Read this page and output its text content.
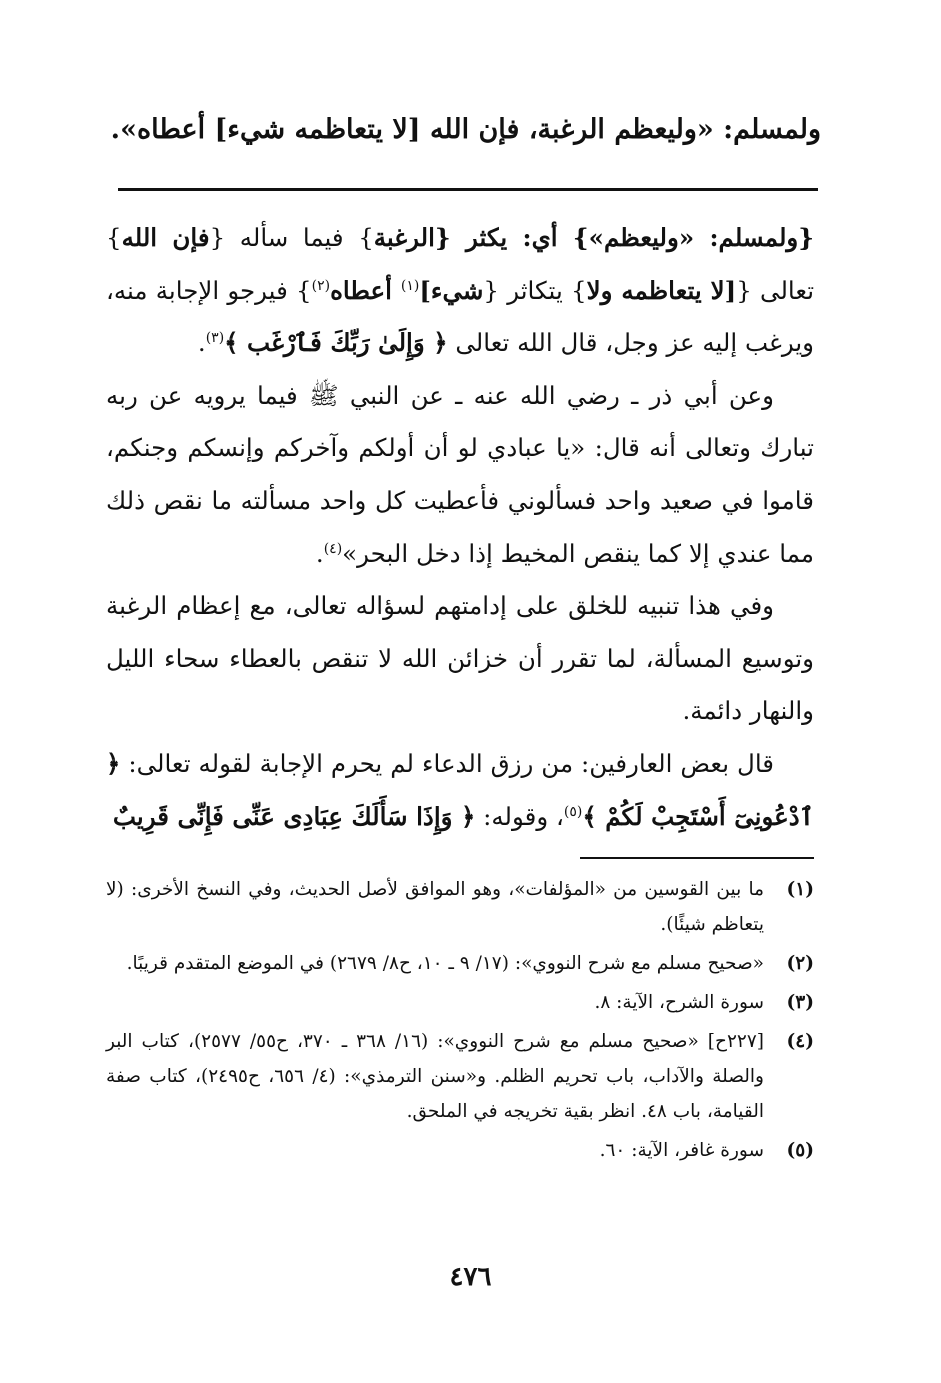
ولمسلم: «وليعظم الرغبة، فإن الله [لا يتعاظمه شيء] أعطاه».

{ولمسلم: «وليعظم»} أي: يكثر {الرغبة} فيما سأله {فإن الله} تعالى {[لا يتعاظمه ولا} يتكاثر {شيء]$^{(١)}$ أعطاه$^{(٢)}$} فيرجو الإجابة منه، ويرغب إليه عز وجل، قال الله تعالى ﴿ وَإِلَىٰ رَبِّكَ فَٱرْغَب ﴾$^{(٣)}$.

وعن أبي ذر ـ رضي الله عنه ـ عن النبي ﷺ فيما يرويه عن ربه تبارك وتعالى أنه قال: «يا عبادي لو أن أولكم وآخركم وإنسكم وجنكم، قاموا في صعيد واحد فسألوني فأعطيت كل واحد مسألته ما نقص ذلك مما عندي إلا كما ينقص المخيط إذا دخل البحر»$^{(٤)}$.

وفي هذا تنبيه للخلق على إدامتهم لسؤاله تعالى، مع إعظام الرغبة وتوسيع المسألة، لما تقرر أن خزائن الله لا تنقص بالعطاء سحاء الليل والنهار دائمة.

قال بعض العارفين: من رزق الدعاء لم يحرم الإجابة لقوله تعالى: ﴿ ٱدْعُونِىٓ أَسْتَجِبْ لَكُمْ ﴾$^{(٥)}$، وقوله: ﴿ وَإِذَا سَأَلَكَ عِبَادِى عَنِّى فَإِنِّى قَرِيبٌ

(١)
ما بين القوسين من «المؤلفات»، وهو الموافق لأصل الحديث، وفي النسخ الأخرى: (لا يتعاظم شيئًا).
(٢)
«صحيح مسلم مع شرح النووي»: (١٧/ ٩ ـ ١٠، ح٨/ ٢٦٧٩) في الموضع المتقدم قريبًا.
(٣)
سورة الشرح، الآية: ٨.
(٤)
[٢٢٧ح] «صحيح مسلم مع شرح النووي»: (١٦/ ٣٦٨ ـ ٣٧٠، ح٥٥/ ٢٥٧٧)، كتاب البر والصلة والآداب، باب تحريم الظلم. و«سنن الترمذي»: (٤/ ٦٥٦، ح٢٤٩٥)، كتاب صفة القيامة، باب ٤٨. انظر بقية تخريجه في الملحق.
(٥)
سورة غافر، الآية: ٦٠.
٤٧٦
